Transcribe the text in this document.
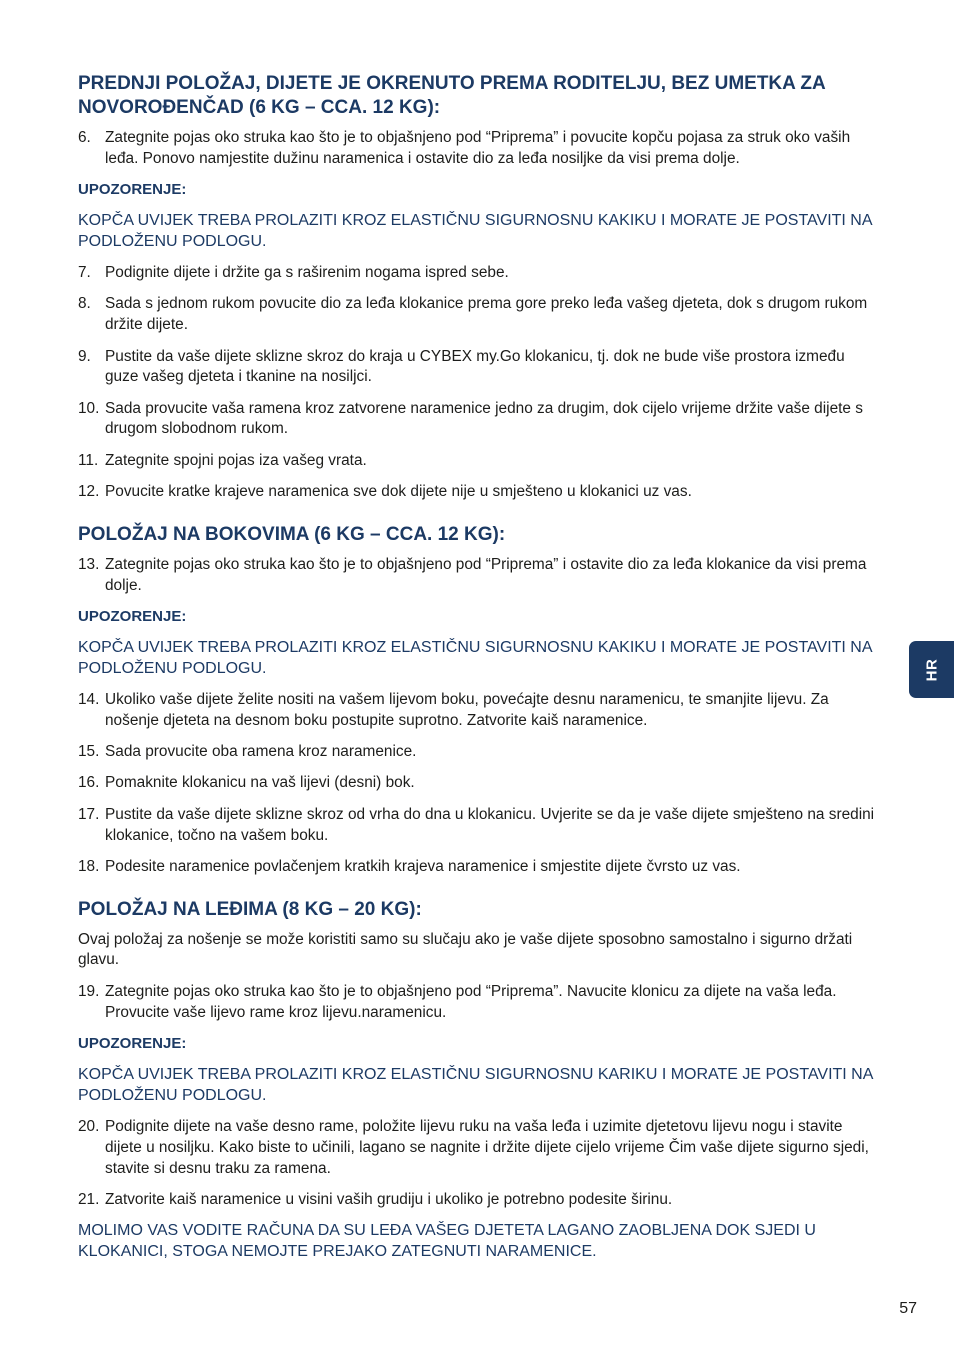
PREDNJI POLOŽAJ, DIJETE JE OKRENUTO PREMA RODITELJU, BEZ UMETKA ZA NOVOROĐENČAD (6 KG – CCA. 12 KG):
6. Zategnite pojas oko struka kao što je to objašnjeno pod “Priprema” i povucite kopču pojasa za struk oko vaših leđa. Ponovo namjestite dužinu naramenica i ostavite dio za leđa nosiljke da visi prema dolje.
UPOZORENJE:
KOPČA UVIJEK TREBA PROLAZITI KROZ ELASTIČNU SIGURNOSNU KAKIKU I MORATE JE POSTAVITI NA PODLOŽENU PODLOGU.
7. Podignite dijete i držite ga s raširenim nogama ispred sebe.
8. Sada s jednom rukom povucite dio za leđa klokanice prema gore preko leđa vašeg djeteta, dok s drugom rukom držite dijete.
9. Pustite da vaše dijete sklizne skroz do kraja u CYBEX my.Go klokanicu, tj. dok ne bude više prostora između guze vašeg djeteta i tkanine na nosiljci.
10. Sada provucite vaša ramena kroz zatvorene naramenice jedno za drugim, dok cijelo vrijeme držite vaše dijete s drugom slobodnom rukom.
11. Zategnite spojni pojas iza vašeg vrata.
12. Povucite kratke krajeve naramenica sve dok dijete nije u smješteno u klokanici uz vas.
POLOŽAJ NA BOKOVIMA (6 KG – CCA. 12 KG):
13. Zategnite pojas oko struka kao što je to objašnjeno pod “Priprema” i ostavite dio za leđa klokanice da visi prema dolje.
UPOZORENJE:
KOPČA UVIJEK TREBA PROLAZITI KROZ ELASTIČNU SIGURNOSNU KAKIKU I MORATE JE POSTAVITI NA PODLOŽENU PODLOGU.
14. Ukoliko vaše dijete želite nositi na vašem lijevom boku, povećajte desnu naramenicu, te smanjite lijevu. Za nošenje djeteta na desnom boku postupite suprotno. Zatvorite kaiš naramenice.
15. Sada provucite oba ramena kroz naramenice.
16. Pomaknite klokanicu na vaš lijevi (desni) bok.
17. Pustite da vaše dijete sklizne skroz od vrha do dna u klokanicu. Uvjerite se da je vaše dijete smješteno na sredini klokanice, točno na vašem boku.
18. Podesite naramenice povlačenjem kratkih krajeva naramenice i smjestite dijete čvrsto uz vas.
POLOŽAJ NA LEĐIMA (8 KG – 20 KG):
Ovaj položaj za nošenje se može koristiti samo su slučaju ako je vaše dijete sposobno samostalno i sigurno držati glavu.
19. Zategnite pojas oko struka kao što je to objašnjeno pod “Priprema”. Navucite klonicu za dijete na vaša leđa. Provucite vaše lijevo rame kroz lijevu.naramenicu.
UPOZORENJE:
KOPČA UVIJEK TREBA PROLAZITI KROZ ELASTIČNU SIGURNOSNU KARIKU I MORATE JE POSTAVITI NA PODLOŽENU PODLOGU.
20. Podignite dijete na vaše desno rame, položite lijevu ruku na vaša leđa i uzimite djetetovu lijevu nogu i stavite dijete u nosiljku. Kako biste to učinili, lagano se nagnite i držite dijete cijelo vrijeme Čim vaše dijete sigurno sjedi, stavite si desnu traku za ramena.
21. Zatvorite kaiš naramenice u visini vaših grudiju i ukoliko je potrebno podesite širinu.
MOLIMO VAS VODITE RAČUNA DA SU LEĐA VAŠEG DJETETA LAGANO ZAOBLJENA DOK SJEDI U KLOKANICI, STOGA NEMOJTE PREJAKO ZATEGNUTI NARAMENICE.
HR
57
